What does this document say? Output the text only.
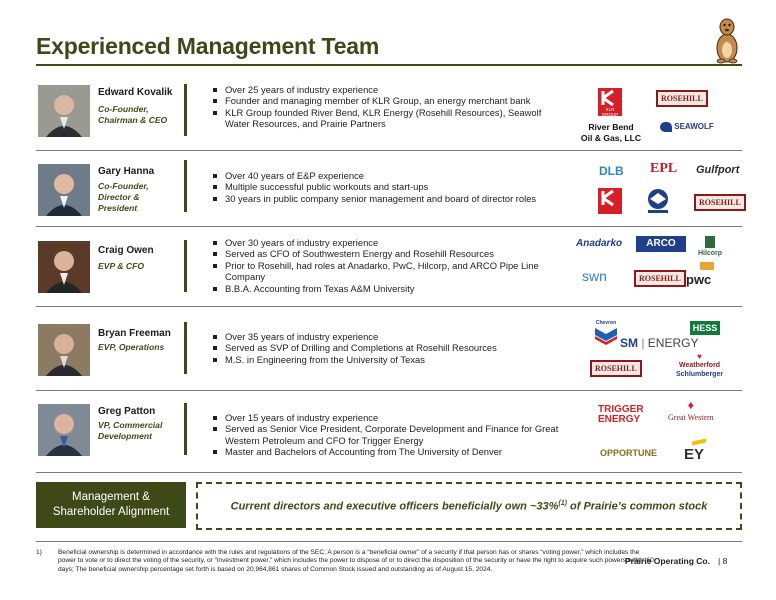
Experienced Management Team
Edward Kovalik
Co-Founder,
Chairman & CEO
Over 25 years of industry experience
Founder and managing member of KLR Group, an energy merchant bank
KLR Group founded River Bend, KLR Energy (Rosehill Resources), Seawolf Water Resources, and Prairie Partners
KLR GROUP
ROSEHILL
River Bend
Oil & Gas, LLC
SEAWOLF
Gary Hanna
Co-Founder,
Director &
President
Over 40 years of E&P experience
Multiple successful public workouts and start-ups
30 years in public company senior management and board of director roles
DLB EPL Gulfport
ROSEHILL
Craig Owen
EVP & CFO
Over 30 years of industry experience
Served as CFO of Southwestern Energy and Rosehill Resources
Prior to Rosehill, had roles at Anadarko, PwC, Hilcorp, and ARCO Pipe Line Company
B.B.A. Accounting from Texas A&M University
Anadarko	ARCO
Hilcorp
swn	ROSEHILL pwc
Bryan Freeman
EVP, Operations
Over 35 years of industry experience
Served as SVP of Drilling and Completions at Rosehill Resources
M.S. in Engineering from the University of Texas
Chevron
SM | ENERGY
HESS
ROSEHILL
♥
Weatherford
Schlumberger
Greg Patton
VP, Commercial
Development
Over 15 years of industry experience
Served as Senior Vice President, Corporate Development and Finance for Great Western Petroleum and CFO for Trigger Energy
Master and Bachelors of Accounting from The University of Denver
TRIGGER
ENERGY
♦
Great Western
OPPORTUNE EY
Management &
Shareholder Alignment	Current directors and executive officers beneficially own ~33%$^{(1)}$ of Prairie’s common stock
1)	Beneficial ownership is determined in accordance with the rules and regulations of the SEC; A person is a “beneficial owner” of a security if that person has or shares “voting power,” which includes the power to vote or to direct the voting of the security, or “investment power,” which includes the power to dispose of or to direct the disposition of the security or have the right to acquire such powers within 60 days; The beneficial ownership percentage set forth is based on 20,964,861 shares of Common Stock issued and outstanding as of August 15, 2024.
Prairie Operating Co. | 8
